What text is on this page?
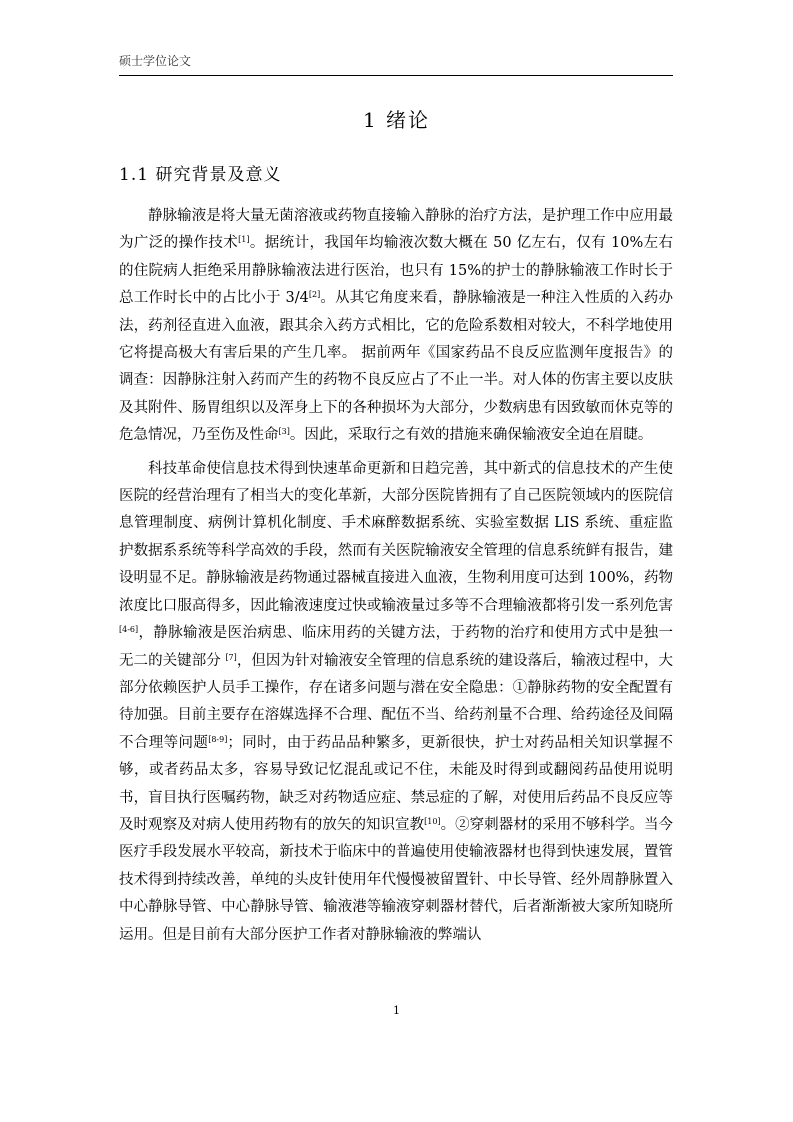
硕士学位论文
1 绪论
1.1 研究背景及意义

静脉输液是将大量无菌溶液或药物直接输入静脉的治疗方法，是护理工作中应用最为广泛的操作技术[1]。据统计，我国年均输液次数大概在 50 亿左右，仅有 10%左右的住院病人拒绝采用静脉输液法进行医治，也只有 15%的护士的静脉输液工作时长于总工作时长中的占比小于 3/4[2]。从其它角度来看，静脉输液是一种注入性质的入药办法，药剂径直进入血液，跟其余入药方式相比，它的危险系数相对较大，不科学地使用它将提高极大有害后果的产生几率。 据前两年《国家药品不良反应监测年度报告》的调查：因静脉注射入药而产生的药物不良反应占了不止一半。对人体的伤害主要以皮肤及其附件、肠胃组织以及浑身上下的各种损坏为大部分，少数病患有因致敏而休克等的危急情况，乃至伤及性命[3]。因此，采取行之有效的措施来确保输液安全迫在眉睫。

科技革命使信息技术得到快速革命更新和日趋完善，其中新式的信息技术的产生使医院的经营治理有了相当大的变化革新，大部分医院皆拥有了自己医院领域内的医院信息管理制度、病例计算机化制度、手术麻醉数据系统、实验室数据 LIS 系统、重症监护数据系系统等科学高效的手段，然而有关医院输液安全管理的信息系统鲜有报告，建设明显不足。静脉输液是药物通过器械直接进入血液，生物利用度可达到 100%，药物浓度比口服高得多，因此输液速度过快或输液量过多等不合理输液都将引发一系列危害[4-6]，静脉输液是医治病患、临床用药的关键方法，于药物的治疗和使用方式中是独一无二的关键部分 [7]，但因为针对输液安全管理的信息系统的建设落后，输液过程中，大部分依赖医护人员手工操作，存在诸多问题与潜在安全隐患：①静脉药物的安全配置有待加强。目前主要存在溶媒选择不合理、配伍不当、给药剂量不合理、给药途径及间隔不合理等问题[8-9]；同时，由于药品品种繁多，更新很快，护士对药品相关知识掌握不够，或者药品太多，容易导致记忆混乱或记不住，未能及时得到或翻阅药品使用说明书，盲目执行医嘱药物，缺乏对药物适应症、禁忌症的了解，对使用后药品不良反应等及时观察及对病人使用药物有的放矢的知识宣教[10]。②穿刺器材的采用不够科学。当今医疗手段发展水平较高，新技术于临床中的普遍使用使输液器材也得到快速发展，置管技术得到持续改善，单纯的头皮针使用年代慢慢被留置针、中长导管、经外周静脉置入中心静脉导管、中心静脉导管、输液港等输液穿刺器材替代，后者渐渐被大家所知晓所运用。但是目前有大部分医护工作者对静脉输液的弊端认

1
